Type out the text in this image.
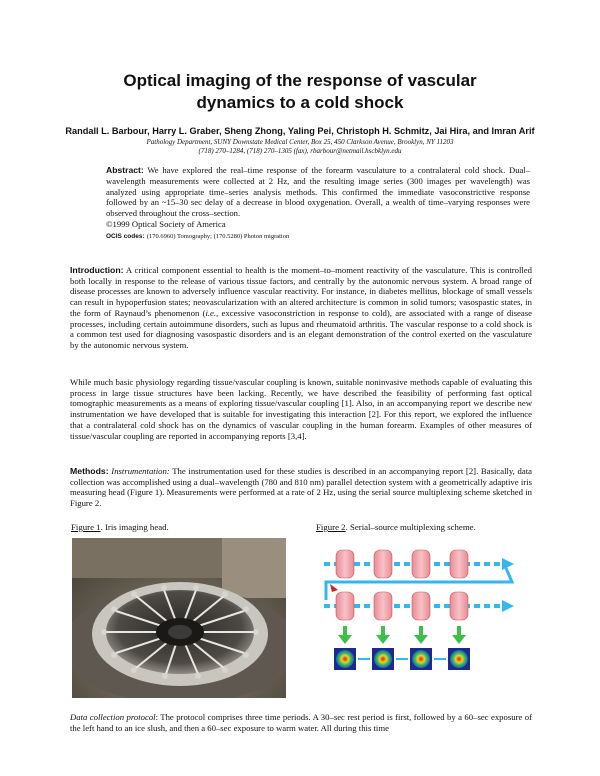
Optical imaging of the response of vascular
dynamics to a cold shock
Randall L. Barbour, Harry L. Graber, Sheng Zhong, Yaling Pei, Christoph H. Schmitz, Jai Hira, and Imran Arif
Pathology Department, SUNY Downstate Medical Center, Box 25, 450 Clarkson Avenue, Brooklyn, NY 11203
(718) 270–1284, (718) 270–1305 (fax), rbarbour@netmail.hscbklyn.edu
Abstract: We have explored the real–time response of the forearm vasculature to a contralateral cold shock. Dual–wavelength measurements were collected at 2 Hz, and the resulting image series (300 images per wavelength) was analyzed using appropriate time–series analysis methods. This confirmed the immediate vasoconstrictive response followed by an ~15–30 sec delay of a decrease in blood oxygenation. Overall, a wealth of time–varying responses were observed throughout the cross–section.
©1999 Optical Society of America
OCIS codes: (170.6960) Tomography; (170.5280) Photon migration
Introduction: A critical component essential to health is the moment–to–moment reactivity of the vasculature. This is controlled both locally in response to the release of various tissue factors, and centrally by the autonomic nervous system. A broad range of disease processes are known to adversely influence vascular reactivity. For instance, in diabetes mellitus, blockage of small vessels can result in hypoperfusion states; neovascularization with an altered architecture is common in solid tumors; vasospastic states, in the form of Raynaud’s phenomenon (i.e., excessive vasoconstriction in response to cold), are associated with a range of disease processes, including certain autoimmune disorders, such as lupus and rheumatoid arthritis. The vascular response to a cold shock is a common test used for diagnosing vasospastic disorders and is an elegant demonstration of the control exerted on the vasculature by the autonomic nervous system.
While much basic physiology regarding tissue/vascular coupling is known, suitable noninvasive methods capable of evaluating this process in large tissue structures have been lacking. Recently, we have described the feasibility of performing fast optical tomographic measurements as a means of exploring tissue/vascular coupling [1]. Also, in an accompanying report we describe new instrumentation we have developed that is suitable for investigating this interaction [2]. For this report, we explored the influence that a contralateral cold shock has on the dynamics of vascular coupling in the human forearm. Examples of other measures of tissue/vascular coupling are reported in accompanying reports [3,4].
Methods: Instrumentation: The instrumentation used for these studies is described in an accompanying report [2]. Basically, data collection was accomplished using a dual–wavelength (780 and 810 nm) parallel detection system with a geometrically adaptive iris measuring head (Figure 1). Measurements were performed at a rate of 2 Hz, using the serial source multiplexing scheme sketched in Figure 2.
Figure 1. Iris imaging head.	Figure 2. Serial–source multiplexing scheme.
Data collection protocol: The protocol comprises three time periods. A 30–sec rest period is first, followed by a 60–sec exposure of the left hand to an ice slush, and then a 60–sec exposure to warm water. All during this time
